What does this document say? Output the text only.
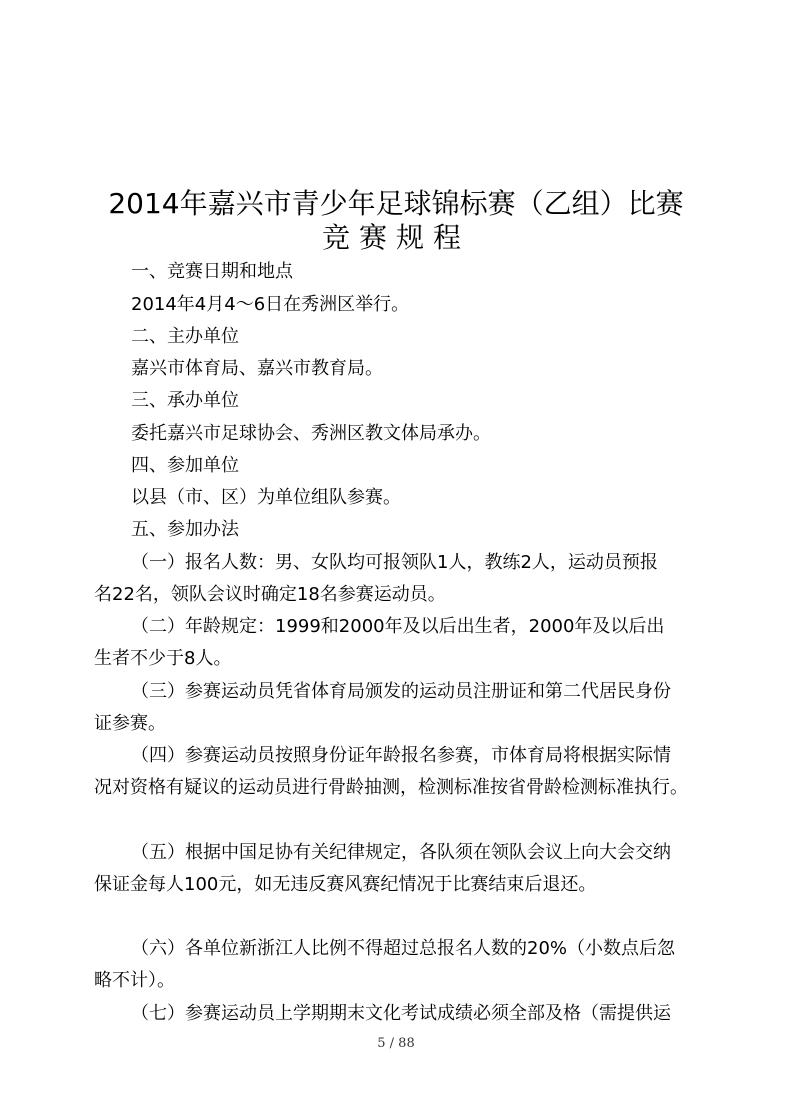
2014年嘉兴市青少年足球锦标赛（乙组）比赛
竞赛规程
一、竞赛日期和地点
2014年4月4～6日在秀洲区举行。
二、主办单位
嘉兴市体育局、嘉兴市教育局。
三、承办单位
委托嘉兴市足球协会、秀洲区教文体局承办。
四、参加单位
以县（市、区）为单位组队参赛。
五、参加办法
（一）报名人数：男、女队均可报领队1人，教练2人，运动员预报
名22名，领队会议时确定18名参赛运动员。
（二）年龄规定：1999和2000年及以后出生者，2000年及以后出
生者不少于8人。
（三）参赛运动员凭省体育局颁发的运动员注册证和第二代居民身份
证参赛。
（四）参赛运动员按照身份证年龄报名参赛，市体育局将根据实际情
况对资格有疑议的运动员进行骨龄抽测，检测标准按省骨龄检测标准执行。
（五）根据中国足协有关纪律规定，各队须在领队会议上向大会交纳
保证金每人100元，如无违反赛风赛纪情况于比赛结束后退还。
（六）各单位新浙江人比例不得超过总报名人数的20%（小数点后忽
略不计）。
（七）参赛运动员上学期期末文化考试成绩必须全部及格（需提供运
5 / 88
